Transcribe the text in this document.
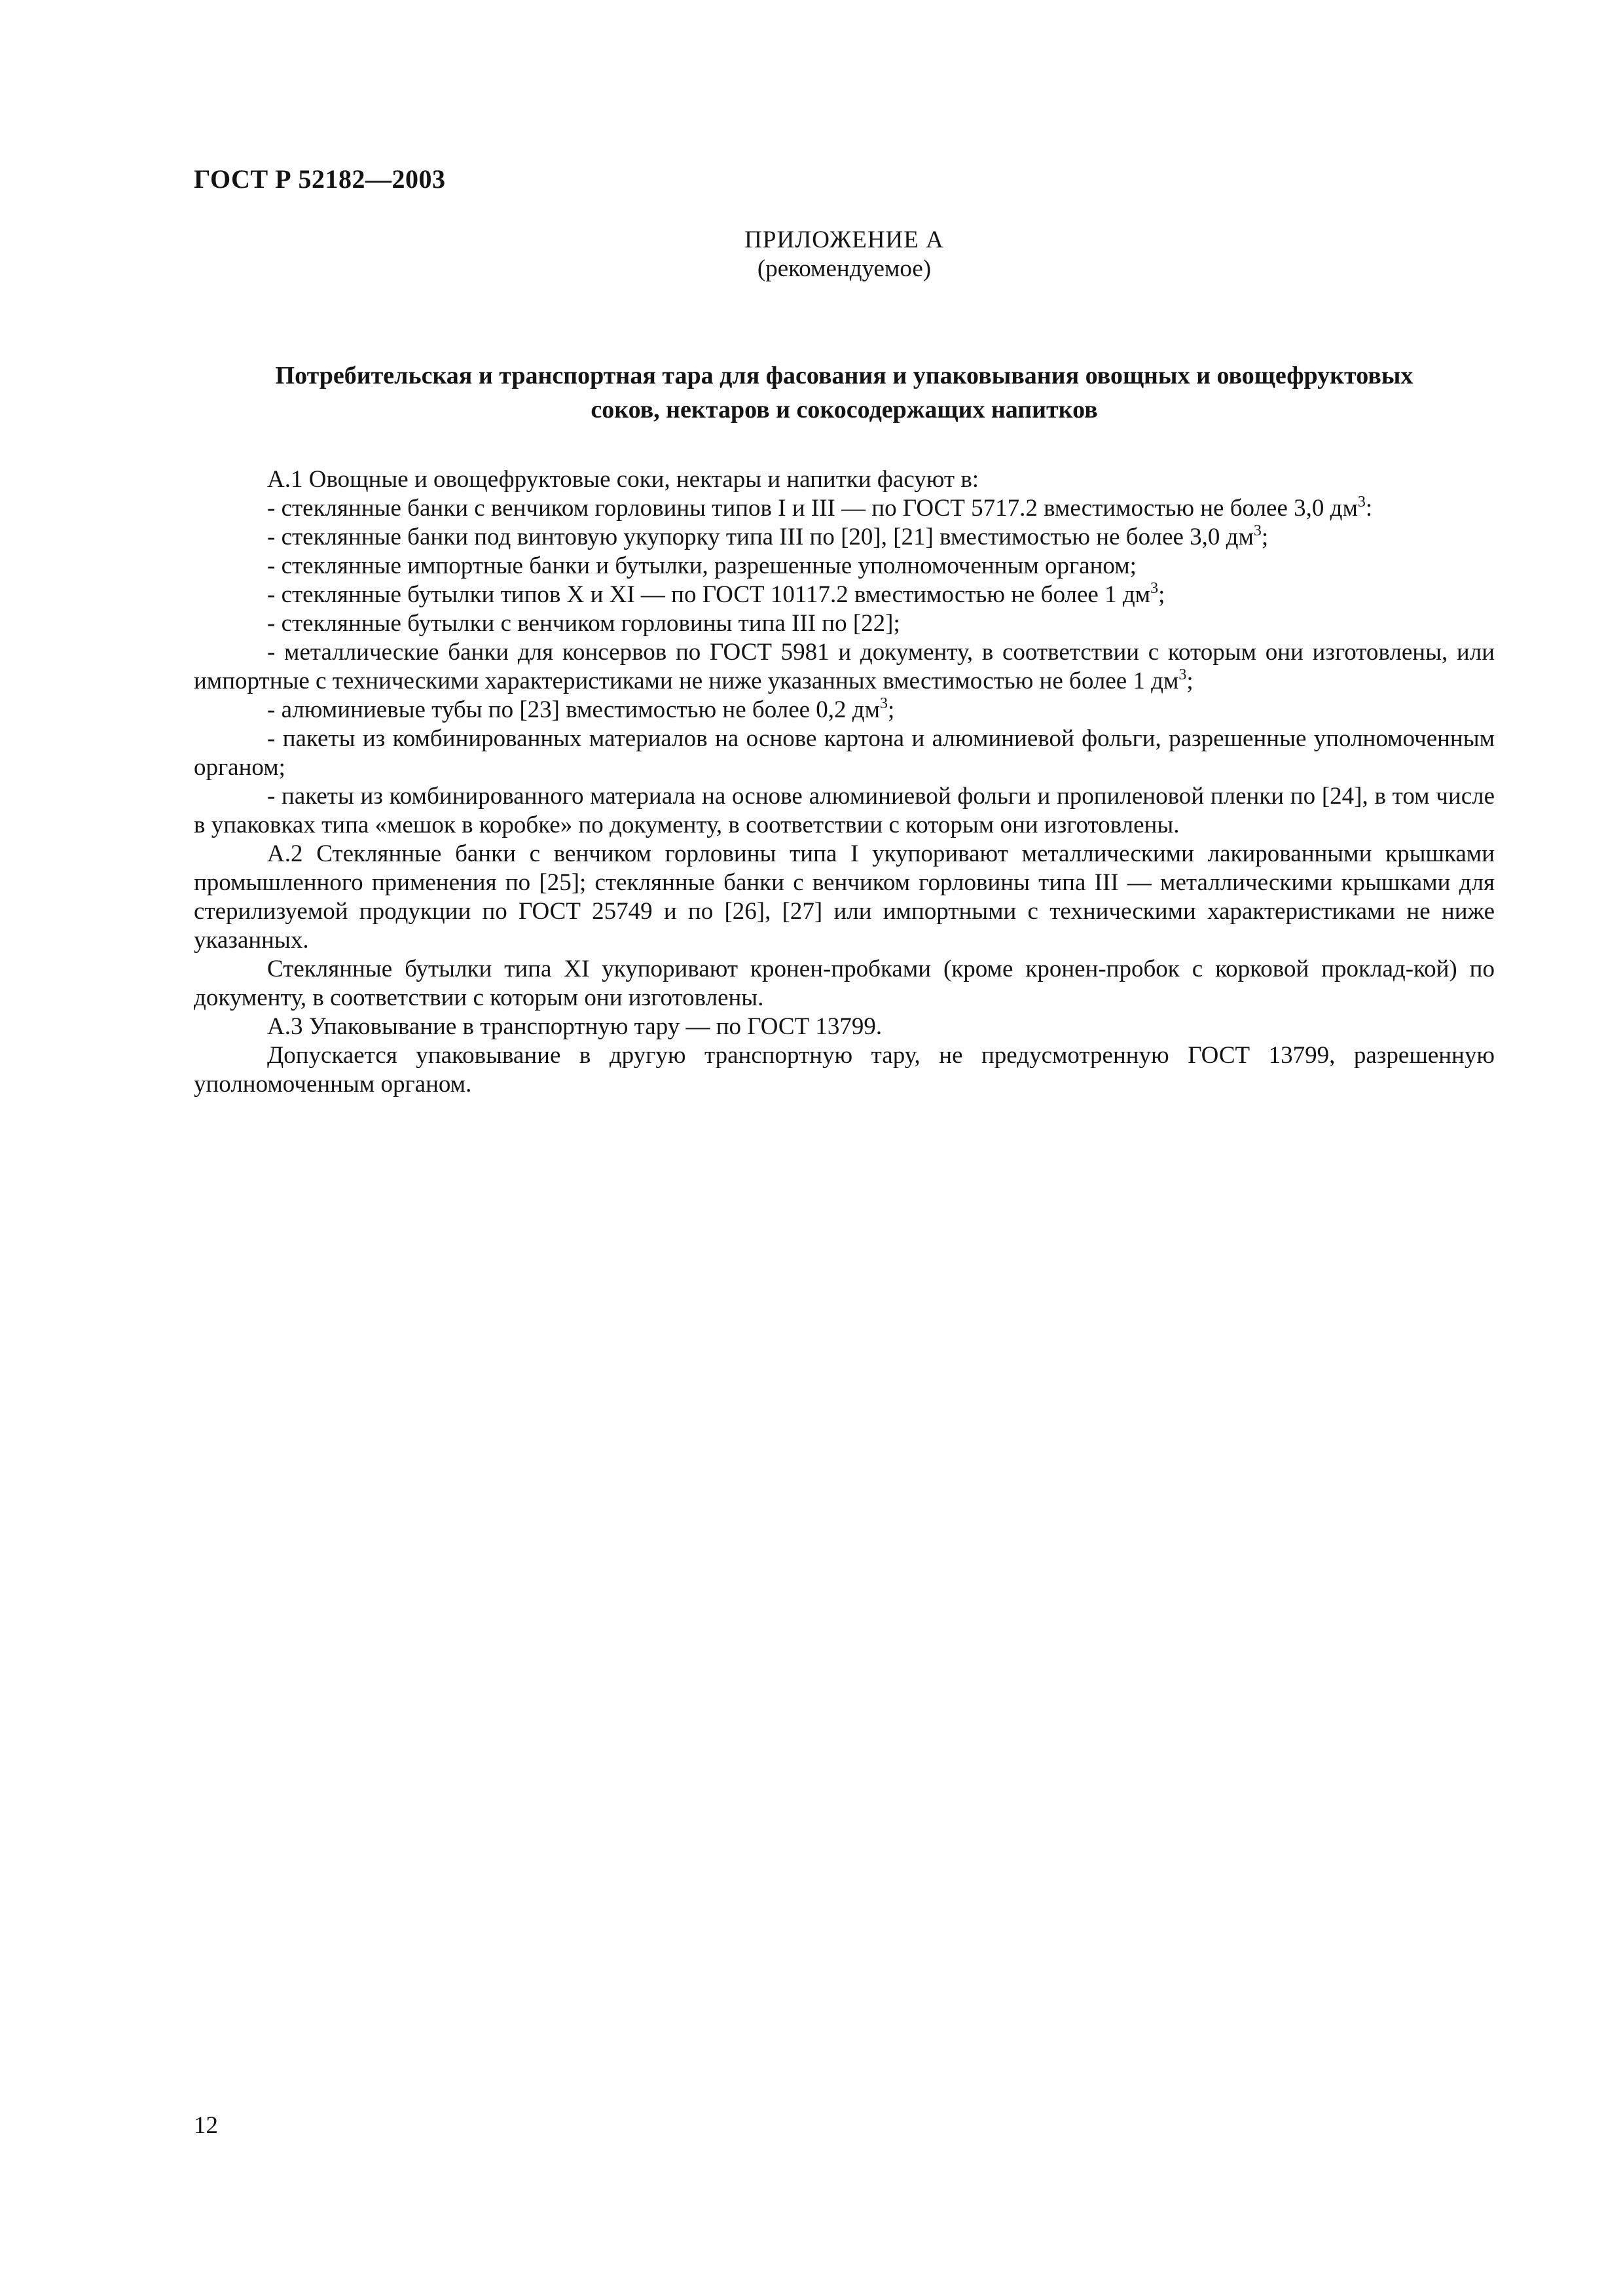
ГОСТ Р 52182—2003
ПРИЛОЖЕНИЕ А
(рекомендуемое)
Потребительская и транспортная тара для фасования и упаковывания овощных и овощефруктовых
соков, нектаров и сокосодержащих напитков

А.1 Овощные и овощефруктовые соки, нектары и напитки фасуют в:

- стеклянные банки с венчиком горловины типов I и III — по ГОСТ 5717.2 вместимостью не более 3,0 $дм^3$:

- стеклянные банки под винтовую укупорку типа III по [20], [21] вместимостью не более 3,0 $дм^3$;

- стеклянные импортные банки и бутылки, разрешенные уполномоченным органом;

- стеклянные бутылки типов X и XI — по ГОСТ 10117.2 вместимостью не более 1 $дм^3$;

- стеклянные бутылки с венчиком горловины типа III по [22];

- металлические банки для консервов по ГОСТ 5981 и документу, в соответствии с которым они изготовлены, или импортные с техническими характеристиками не ниже указанных вместимостью не более 1 $дм^3$;

- алюминиевые тубы по [23] вместимостью не более 0,2 $дм^3$;

- пакеты из комбинированных материалов на основе картона и алюминиевой фольги, разрешенные уполномоченным органом;

- пакеты из комбинированного материала на основе алюминиевой фольги и пропиленовой пленки по [24], в том числе в упаковках типа «мешок в коробке» по документу, в соответствии с которым они изготовлены.

А.2 Стеклянные банки с венчиком горловины типа I укупоривают металлическими лакированными крышками промышленного применения по [25]; стеклянные банки с венчиком горловины типа III — металлическими крышками для стерилизуемой продукции по ГОСТ 25749 и по [26], [27] или импортными с техническими характеристиками не ниже указанных.

Стеклянные бутылки типа XI укупоривают кронен-пробками (кроме кронен-пробок с корковой проклад-кой) по документу, в соответствии с которым они изготовлены.

А.3 Упаковывание в транспортную тару — по ГОСТ 13799.

Допускается упаковывание в другую транспортную тару, не предусмотренную ГОСТ 13799, разрешенную уполномоченным органом.

12
